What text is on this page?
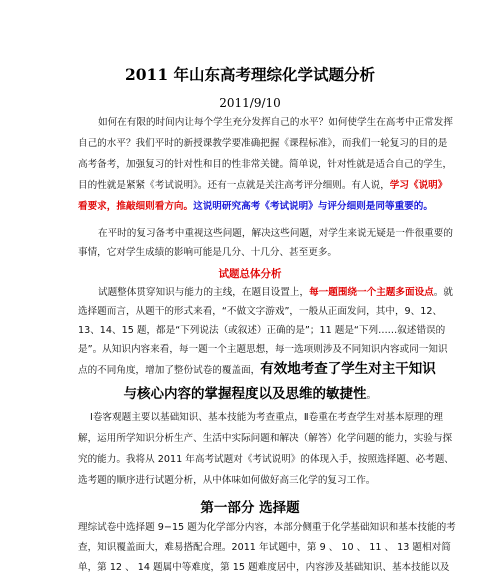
2011 年山东高考理综化学试题分析
2011/9/10
如何在有限的时间内让每个学生充分发挥自己的水平？如何使学生在高考中正常发挥
自己的水平？我们平时的新授课教学要准确把握《课程标准》，而我们一轮复习的目的是
高考备考，加强复习的针对性和目的性非常关键。简单说，针对性就是适合自己的学生，
目的性就是紧紧《考试说明》。还有一点就是关注高考评分细则。有人说，学习《说明》
看要求，推敲细则看方向。这说明研究高考《考试说明》与评分细则是同等重要的。
在平时的复习备考中重视这些问题，解决这些问题，对学生来说无疑是一件很重要的
事情，它对学生成绩的影响可能是几分、十几分、甚至更多。
试题总体分析
试题整体贯穿知识与能力的主线，在题目设置上，每一题围绕一个主题多面设点。就
选择题而言，从题干的形式来看，“不做文字游戏”，一般从正面发问，其中，9、12、
13、14、15 题，都是“下列说法（或叙述）正确的是”；11 题是“下列……叙述错误的
是”。从知识内容来看，每一题一个主题思想，每一选项则涉及不同知识内容或同一知识
点的不同角度，增加了整份试卷的覆盖面，有效地考查了学生对主干知识
与核心内容的掌握程度以及思维的敏捷性。
Ⅰ卷客观题主要以基础知识、基本技能为考查重点，Ⅱ卷重在考查学生对基本原理的理
解，运用所学知识分析生产、生活中实际问题和解决（解答）化学问题的能力，实验与探
究的能力。我将从 2011 年高考试题对《考试说明》的体现入手，按照选择题、必考题、
选考题的顺序进行试题分析，从中体味如何做好高三化学的复习工作。
第一部分 选择题
理综试卷中选择题 9−15 题为化学部分内容，本部分侧重于化学基础知识和基本技能的考
查，知识覆盖面大，难易搭配合理。2011 年试题中，第 9 、 10 、 11 、 13 题相对简
单，第 12 、 14 题属中等难度，第 15 题难度居中，内容涉及基础知识、基本技能以及
